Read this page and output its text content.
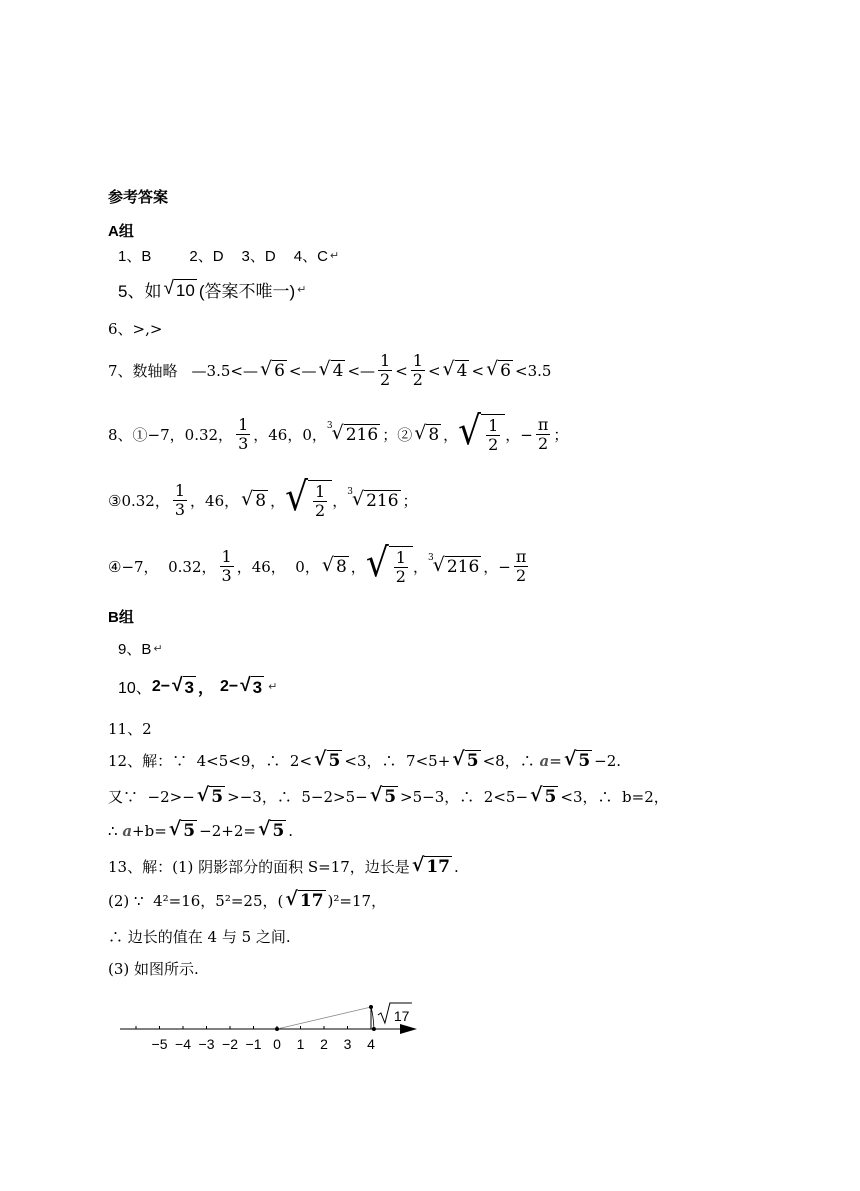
参考答案
A组
1、B	2、D 3、D 4、C ↵
5、如 √ 10 (答案不唯一) ↵
6、>,>
7、数轴略 —3.5<— √ 6 <— √ 4 <— $\frac{1}{2} < \frac{1}{2}$ < √ 4 < √ 6 <3.5
8、①−7，0.32， $\frac{1}{3}$ ，46，0， 3 √ 216 ；② √ 8 ， √ $\frac{1}{2}$ ，− $\frac{\pi}{2}$ ；
③0.32， $\frac{1}{3}$ ，46， √ 8 ， √ $\frac{1}{2}$ ， 3 √ 216 ；
④−7，  0.32， $\frac{1}{3}$ ，46，  0， √ 8 ， √ $\frac{1}{2}$ ， 3 √ 216 ，− $\frac{\pi}{2}$
B组
9、B ↵
10、 2− √ 3 ， 2− √ 3 ↵
11、2
12、解：∵  4<5<9，∴  2< √ 5 <3，∴  7<5+ √ 5 <8，∴ a = √ 5 −2.
又∵  −2>− √ 5 >−3，∴  5−2>5− √ 5 >5−3，∴  2<5− √ 5 <3，∴  b=2，
∴ a +b= √ 5 −2+2= √ 5 .
13、解：(1) 阴影部分的面积 S=17，边长是 √ 17 .
(2) ∵  4²=16，5²=25，( √ 17 )²=17，
∴ 边长的值在 4 与 5 之间.
(3) 如图所示.
−5 −4 −3 −2 −1 0 1 2 3 4
17
